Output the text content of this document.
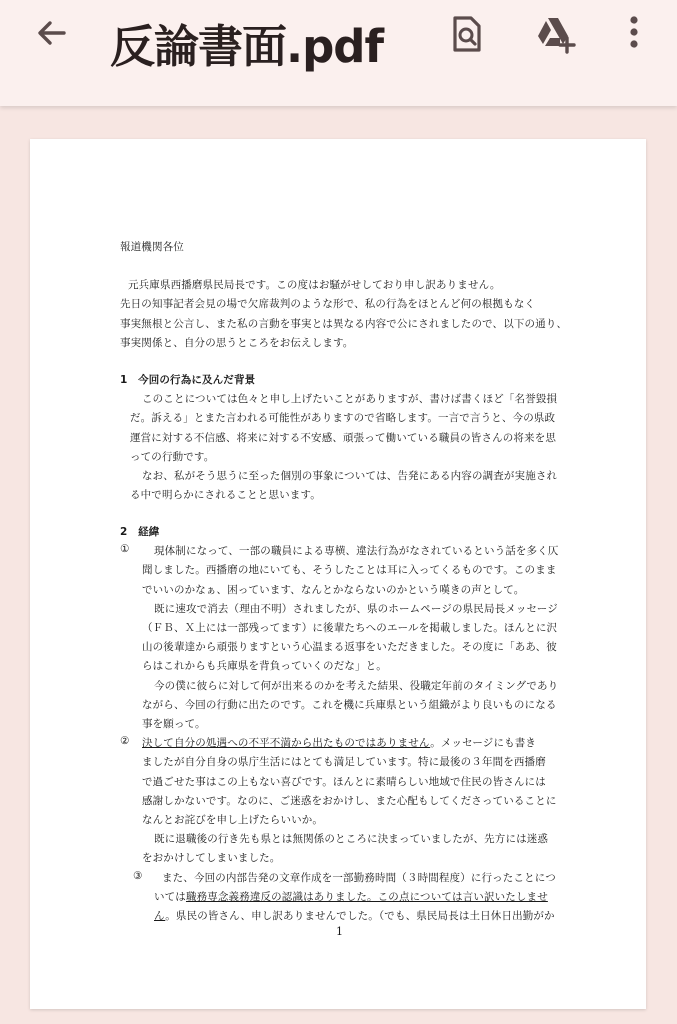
反論書面.pdf
報道機関各位
元兵庫県西播磨県民局長です。この度はお騒がせしており申し訳ありません。
先日の知事記者会見の場で欠席裁判のような形で、私の行為をほとんど何の根拠もなく
事実無根と公言し、また私の言動を事実とは異なる内容で公にされましたので、以下の通り、
事実関係と、自分の思うところをお伝えします。
1　今回の行為に及んだ背景
このことについては色々と申し上げたいことがありますが、書けば書くほど「名誉毀損
だ。訴える」とまた言われる可能性がありますので省略します。一言で言うと、今の県政
運営に対する不信感、将来に対する不安感、頑張って働いている職員の皆さんの将来を思
っての行動です。
なお、私がそう思うに至った個別の事象については、告発にある内容の調査が実施され
る中で明らかにされることと思います。
2　経緯
① 現体制になって、一部の職員による専横、違法行為がなされているという話を多く仄
聞しました。西播磨の地にいても、そうしたことは耳に入ってくるものです。このまま
でいいのかなぁ、困っています、なんとかならないのかという嘆きの声として。
既に速攻で消去（理由不明）されましたが、県のホームページの県民局長メッセージ
（ＦＢ、Ｘ上には一部残ってます）に後輩たちへのエールを掲載しました。ほんとに沢
山の後輩達から頑張りますという心温まる返事をいただきました。その度に「ああ、彼
らはこれからも兵庫県を背負っていくのだな」と。
今の僕に彼らに対して何が出来るのかを考えた結果、役職定年前のタイミングであり
ながら、今回の行動に出たのです。これを機に兵庫県という組織がより良いものになる
事を願って。
② 決して自分の処遇への不平不満から出たものではありません。メッセージにも書き
ましたが自分自身の県庁生活にはとても満足しています。特に最後の３年間を西播磨
で過ごせた事はこの上もない喜びです。ほんとに素晴らしい地域で住民の皆さんには
感謝しかないです。なのに、ご迷惑をおかけし、また心配もしてくださっていることに
なんとお詫びを申し上げたらいいか。
既に退職後の行き先も県とは無関係のところに決まっていましたが、先方には迷惑
をおかけしてしまいました。
③ また、今回の内部告発の文章作成を一部勤務時間（３時間程度）に行ったことにつ
いては職務専念義務違反の認識はありました。この点については言い訳いたしませ
ん。県民の皆さん、申し訳ありませんでした。（でも、県民局長は土日休日出勤がか
1
